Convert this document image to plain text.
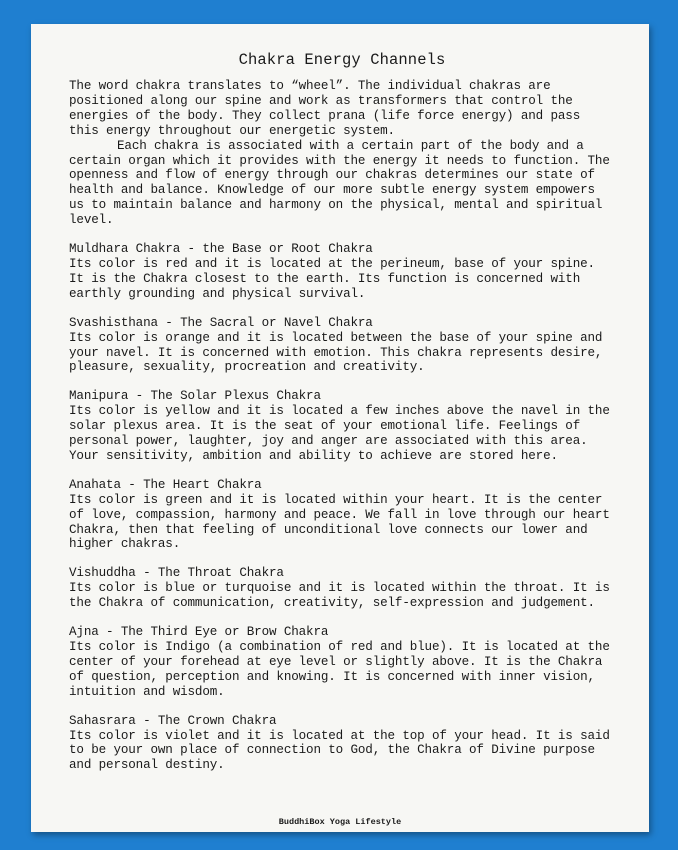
Chakra Energy Channels

The word chakra translates to “wheel”. The individual chakras are positioned along our spine and work as transformers that control the energies of the body. They collect prana (life force energy) and pass this energy throughout our energetic system.

Each chakra is associated with a certain part of the body and a certain organ which it provides with the energy it needs to function. The openness and flow of energy through our chakras determines our state of health and balance. Knowledge of our more subtle energy system empowers us to maintain balance and harmony on the physical, mental and spiritual level.

Muldhara Chakra - the Base or Root Chakra
Its color is red and it is located at the perineum, base of your spine. It is the Chakra closest to the earth. Its function is concerned with earthly grounding and physical survival.
Svashisthana - The Sacral or Navel Chakra
Its color is orange and it is located between the base of your spine and your navel. It is concerned with emotion. This chakra represents desire, pleasure, sexuality, procreation and creativity.
Manipura - The Solar Plexus Chakra
Its color is yellow and it is located a few inches above the navel in the solar plexus area. It is the seat of your emotional life. Feelings of personal power, laughter, joy and anger are associated with this area. Your sensitivity, ambition and ability to achieve are stored here.
Anahata - The Heart Chakra
Its color is green and it is located within your heart. It is the center of love, compassion, harmony and peace. We fall in love through our heart Chakra, then that feeling of unconditional love connects our lower and higher chakras.
Vishuddha - The Throat Chakra
Its color is blue or turquoise and it is located within the throat. It is the Chakra of communication, creativity, self-expression and judgement.
Ajna - The Third Eye or Brow Chakra
Its color is Indigo (a combination of red and blue). It is located at the center of your forehead at eye level or slightly above. It is the Chakra of question, perception and knowing. It is concerned with inner vision, intuition and wisdom.
Sahasrara - The Crown Chakra
Its color is violet and it is located at the top of your head. It is said to be your own place of connection to God, the Chakra of Divine purpose and personal destiny.
BuddhiBox Yoga Lifestyle
